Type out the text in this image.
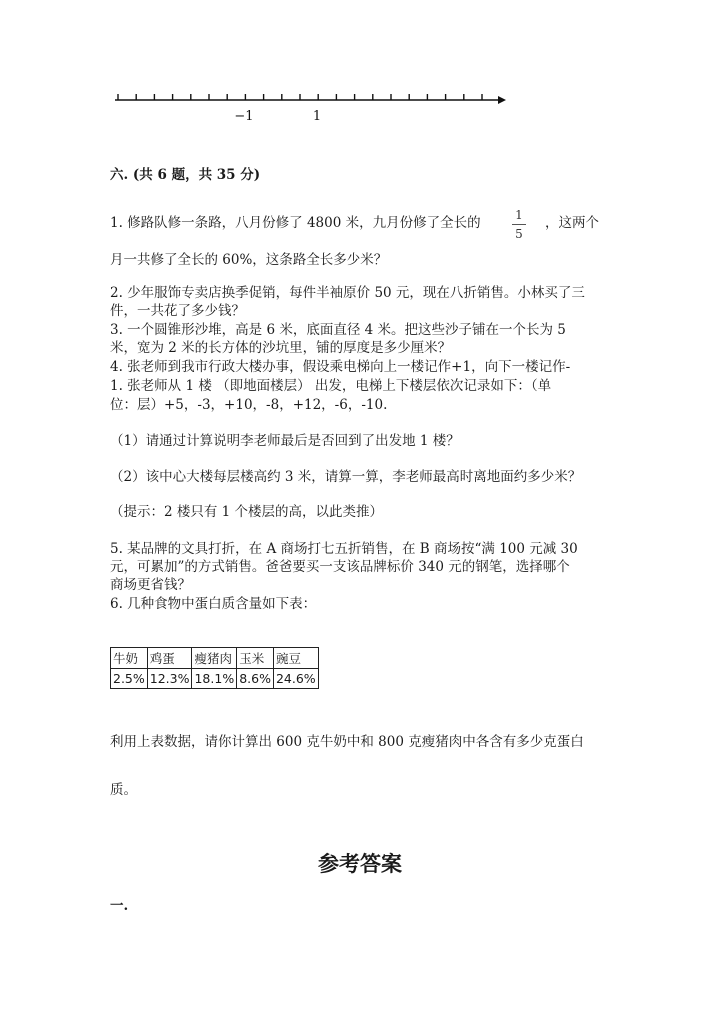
−1	1
六. (共 6 题，共 35 分)
1. 修路队修一条路，八月份修了 4800 米，九月份修了全长的	1
5
，这两个
月一共修了全长的 60%，这条路全长多少米？
2. 少年服饰专卖店换季促销，每件半袖原价 50 元，现在八折销售。小林买了三
件，一共花了多少钱？
3. 一个圆锥形沙堆，高是 6 米，底面直径 4 米。把这些沙子铺在一个长为 5
米，宽为 2 米的长方体的沙坑里，铺的厚度是多少厘米？
4. 张老师到我市行政大楼办事，假设乘电梯向上一楼记作+1，向下一楼记作-
1. 张老师从 1 楼 （即地面楼层） 出发，电梯上下楼层依次记录如下：（单
位：层）+5，-3，+10，-8，+12，-6，-10.
（1）请通过计算说明李老师最后是否回到了出发地 1 楼？
（2）该中心大楼每层楼高约 3 米，请算一算，李老师最高时离地面约多少米？
（提示：2 楼只有 1 个楼层的高，以此类推）
5. 某品牌的文具打折，在 A 商场打七五折销售，在 B 商场按“满 100 元减 30
元，可累加”的方式销售。爸爸要买一支该品牌标价 340 元的钢笔，选择哪个
商场更省钱？
6. 几种食物中蛋白质含量如下表：
牛奶	鸡蛋	瘦猪肉	玉米	豌豆
2.5%	12.3%	18.1%	8.6%	24.6%
利用上表数据，请你计算出 600 克牛奶中和 800 克瘦猪肉中各含有多少克蛋白
质。
参考答案
一.
